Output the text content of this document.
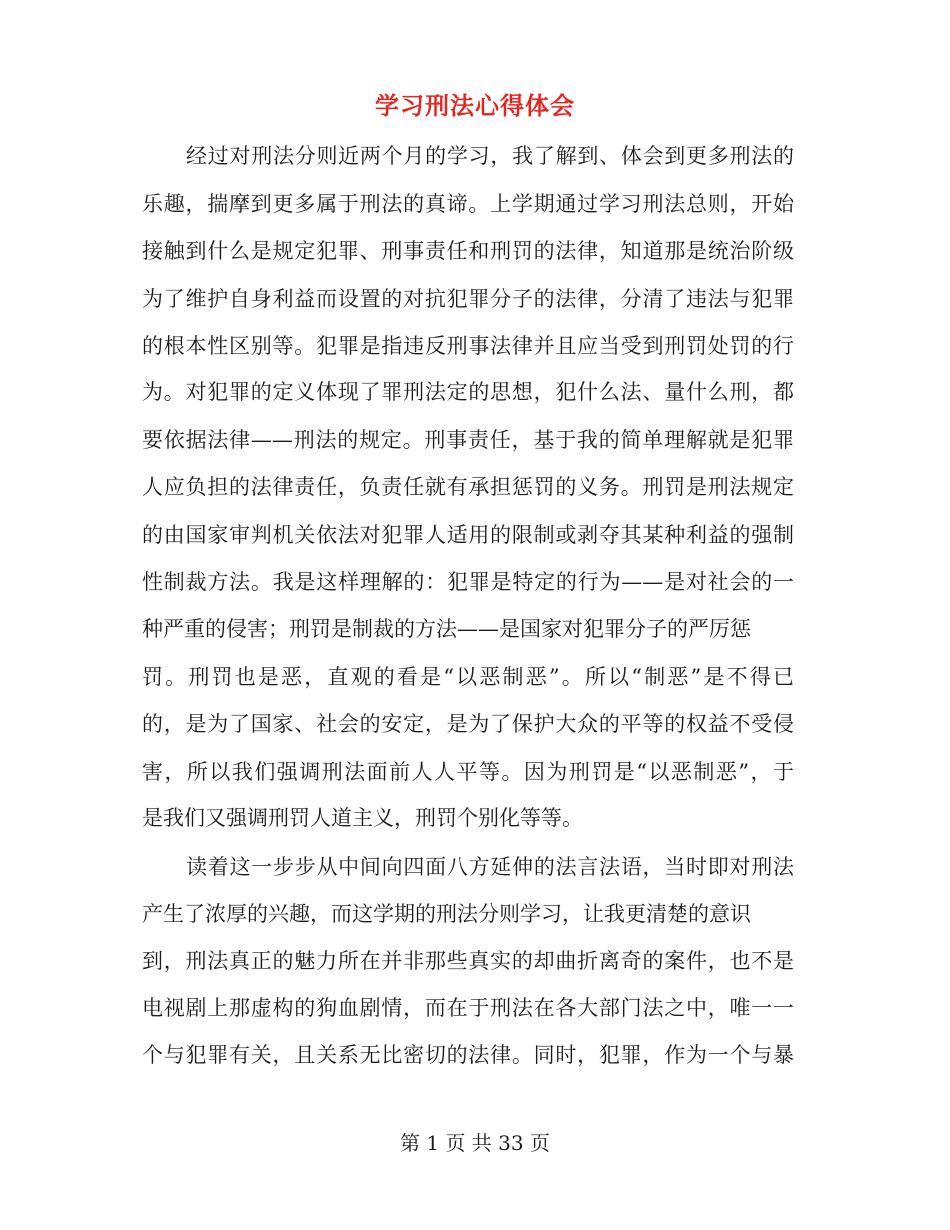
学习刑法心得体会
经过对刑法分则近两个月的学习，我了解到、体会到更多刑法的
乐趣，揣摩到更多属于刑法的真谛。上学期通过学习刑法总则，开始
接触到什么是规定犯罪、刑事责任和刑罚的法律，知道那是统治阶级
为了维护自身利益而设置的对抗犯罪分子的法律，分清了违法与犯罪
的根本性区别等。犯罪是指违反刑事法律并且应当受到刑罚处罚的行
为。对犯罪的定义体现了罪刑法定的思想，犯什么法、量什么刑，都
要依据法律——刑法的规定。刑事责任，基于我的简单理解就是犯罪
人应负担的法律责任，负责任就有承担惩罚的义务。刑罚是刑法规定
的由国家审判机关依法对犯罪人适用的限制或剥夺其某种利益的强制
性制裁方法。我是这样理解的：犯罪是特定的行为——是对社会的一
种严重的侵害；刑罚是制裁的方法——是国家对犯罪分子的严厉惩
罚。刑罚也是恶，直观的看是“以恶制恶”。所以“制恶”是不得已
的，是为了国家、社会的安定，是为了保护大众的平等的权益不受侵
害，所以我们强调刑法面前人人平等。因为刑罚是“以恶制恶”，于
是我们又强调刑罚人道主义，刑罚个别化等等。
读着这一步步从中间向四面八方延伸的法言法语，当时即对刑法
产生了浓厚的兴趣，而这学期的刑法分则学习，让我更清楚的意识
到，刑法真正的魅力所在并非那些真实的却曲折离奇的案件，也不是
电视剧上那虚构的狗血剧情，而在于刑法在各大部门法之中，唯一一
个与犯罪有关，且关系无比密切的法律。同时，犯罪，作为一个与暴
第 1 页 共 33 页
